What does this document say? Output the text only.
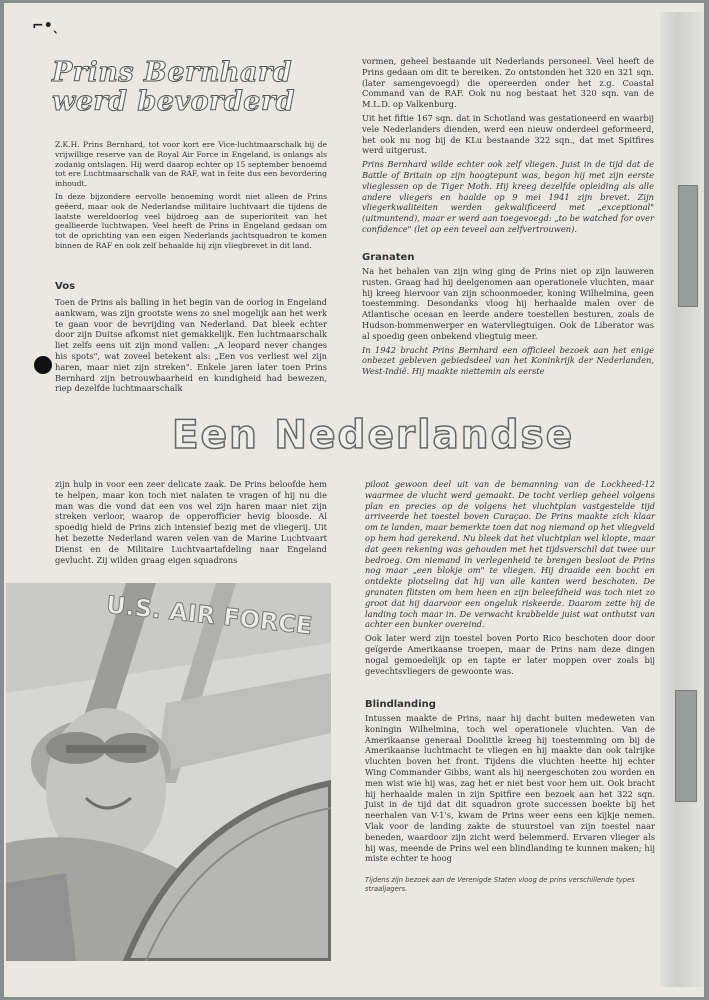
⌐•ˎ
Prins Bernhard werd bevorderd

Z.K.H. Prins Bernhard, tot voor kort ere Vice-luchtmaarschalk bij de vrijwillige reserve van de Royal Air Force in Engeland, is onlangs als zodanig ontslagen. Hij werd daarop echter op 15 september benoemd tot ere Luchtmaarschalk van de RAF, wat in feite dus een bevordering inhoudt.

In deze bijzondere eervolle benoeming wordt niet alleen de Prins geëerd, maar ook de Nederlandse militaire luchtvaart die tijdens de laatste wereldoorlog veel bijdroeg aan de superioriteit van het geallieerde luchtwapen. Veel heeft de Prins in Engeland gedaan om tot de oprichting van een eigen Nederlands jachtsquadron te komen binnen de RAF en ook zelf behaalde hij zijn vliegbrevet in dit land.

Vos

Toen de Prins als balling in het begin van de oorlog in Engeland aankwam, was zijn grootste wens zo snel mogelijk aan het werk te gaan voor de bevrijding van Nederland. Dat bleek echter door zijn Duitse afkomst niet gemakkelijk. Een luchtmaarschalk liet zelfs eens uit zijn mond vallen: „A leopard never changes his spots", wat zoveel betekent als: „Een vos verliest wel zijn haren, maar niet zijn streken". Enkele jaren later toen Prins Bernhard zijn betrouwbaarheid en kundigheid had bewezen, riep dezelfde luchtmaarschalk

vormen, geheel bestaande uit Nederlands personeel. Veel heeft de Prins gedaan om dit te bereiken. Zo ontstonden het 320 en 321 sqn. (later samengevoegd) die opereerden onder het z.g. Coastal Command van de RAF. Ook nu nog bestaat het 320 sqn. van de M.L.D. op Valkenburg.

Uit het fiftie 167 sqn. dat in Schotland was gestationeerd en waarbij vele Nederlanders dienden, werd een nieuw onderdeel geformeerd, het ook nu nog bij de KLu bestaande 322 sqn., dat met Spitfires werd uitgerust.

Prins Bernhard wilde echter ook zelf vliegen. Juist in de tijd dat de Battle of Britain op zijn hoogtepunt was, begon hij met zijn eerste vlieglessen op de Tiger Moth. Hij kreeg dezelfde opleiding als alle andere vliegers en haalde op 9 mei 1941 zijn brevet. Zijn vliegerkwaliteiten werden gekwalificeerd met „exceptional" (uitmuntend), maar er werd aan toegevoegd: „to be watched for over confidence" (let op een teveel aan zelfvertrouwen).

Granaten

Na het behalen van zijn wing ging de Prins niet op zijn lauweren rusten. Graag had hij deelgenomen aan operationele vluchten, maar hij kreeg hiervoor van zijn schoonmoeder, koning Wilhelmina, geen toestemming. Desondanks vloog hij herhaalde malen over de Atlantische oceaan en leerde andere toestellen besturen, zoals de Hudson-bommenwerper en watervliegtuigen. Ook de Liberator was al spoedig geen onbekend vliegtuig meer.

In 1942 bracht Prins Bernhard een officieel bezoek aan het enige onbezet gebleven gebiedsdeel van het Koninkrijk der Nederlanden, West-Indië. Hij maakte niettemin als eerste

Een Nederlandse

zijn hulp in voor een zeer delicate zaak. De Prins beloofde hem te helpen, maar kon toch niet nalaten te vragen of hij nu die man was die vond dat een vos wel zijn haren maar niet zijn streken verloor, waarop de opperofficier hevig bloosde. Al spoedig hield de Prins zich intensief bezig met de vliegerij. Uit het bezette Nederland waren velen van de Marine Luchtvaart Dienst en de Militaire Luchtvaartafdeling naar Engeland gevlucht. Zij wilden graag eigen squadrons

U.S. AIR FORCE

piloot gewoon deel uit van de bemanning van de Lockheed-12 waarmee de vlucht werd gemaakt. De tocht verliep geheel volgens plan en precies op de volgens het vluchtplan vastgestelde tijd arriveerde het toestel boven Curaçao. De Prins maakte zich klaar om te landen, maar bemerkte toen dat nog niemand op het vliegveld op hem had gerekend. Nu bleek dat het vluchtplan wel klopte, maar dat geen rekening was gehouden met het tijdsverschil dat twee uur bedroeg. Om niemand in verlegenheid te brengen besloot de Prins nog maar „een blokje om" te vliegen. Hij draaide een bocht en ontdekte plotseling dat hij van alle kanten werd beschoten. De granaten flitsten om hem heen en zijn beleefdheid was toch niet zo groot dat hij daarvoor een ongeluk riskeerde. Daarom zette hij de landing toch maar in. De verwacht krabbelde juist wat onthutst van achter een bunker overeind.

Ook later werd zijn toestel boven Porto Rico beschoten door door geïgerde Amerikaanse troepen, maar de Prins nam deze dingen nogal gemoedelijk op en tapte er later moppen over zoals bij gevechtsvliegers de gewoonte was.

Blindlanding

Intussen maakte de Prins, naar hij dacht buiten medeweten van koningin Wilhelmina, toch wel operationele vluchten. Van de Amerikaanse generaal Doolittle kreeg hij toestemming om bij de Amerikaanse luchtmacht te vliegen en hij maakte dan ook talrijke vluchten boven het front. Tijdens die vluchten heette hij echter Wing Commander Gibbs, want als hij neergeschoten zou worden en men wist wie hij was, zag het er niet best voor hem uit. Ook bracht hij herhaalde malen in zijn Spitfire een bezoek aan het 322 sqn. Juist in de tijd dat dit squadron grote successen boekte bij het neerhalen van V-1's, kwam de Prins weer eens een kijkje nemen. Vlak voor de landing zakte de stuurstoel van zijn toestel naar beneden, waardoor zijn zicht werd belemmerd. Ervaren vlieger als hij was, meende de Prins wel een blindlanding te kunnen maken; hij miste echter te hoog

Tijdens zijn bezoek aan de Verenigde Staten vloog de prins verschillende types straaljagers.
